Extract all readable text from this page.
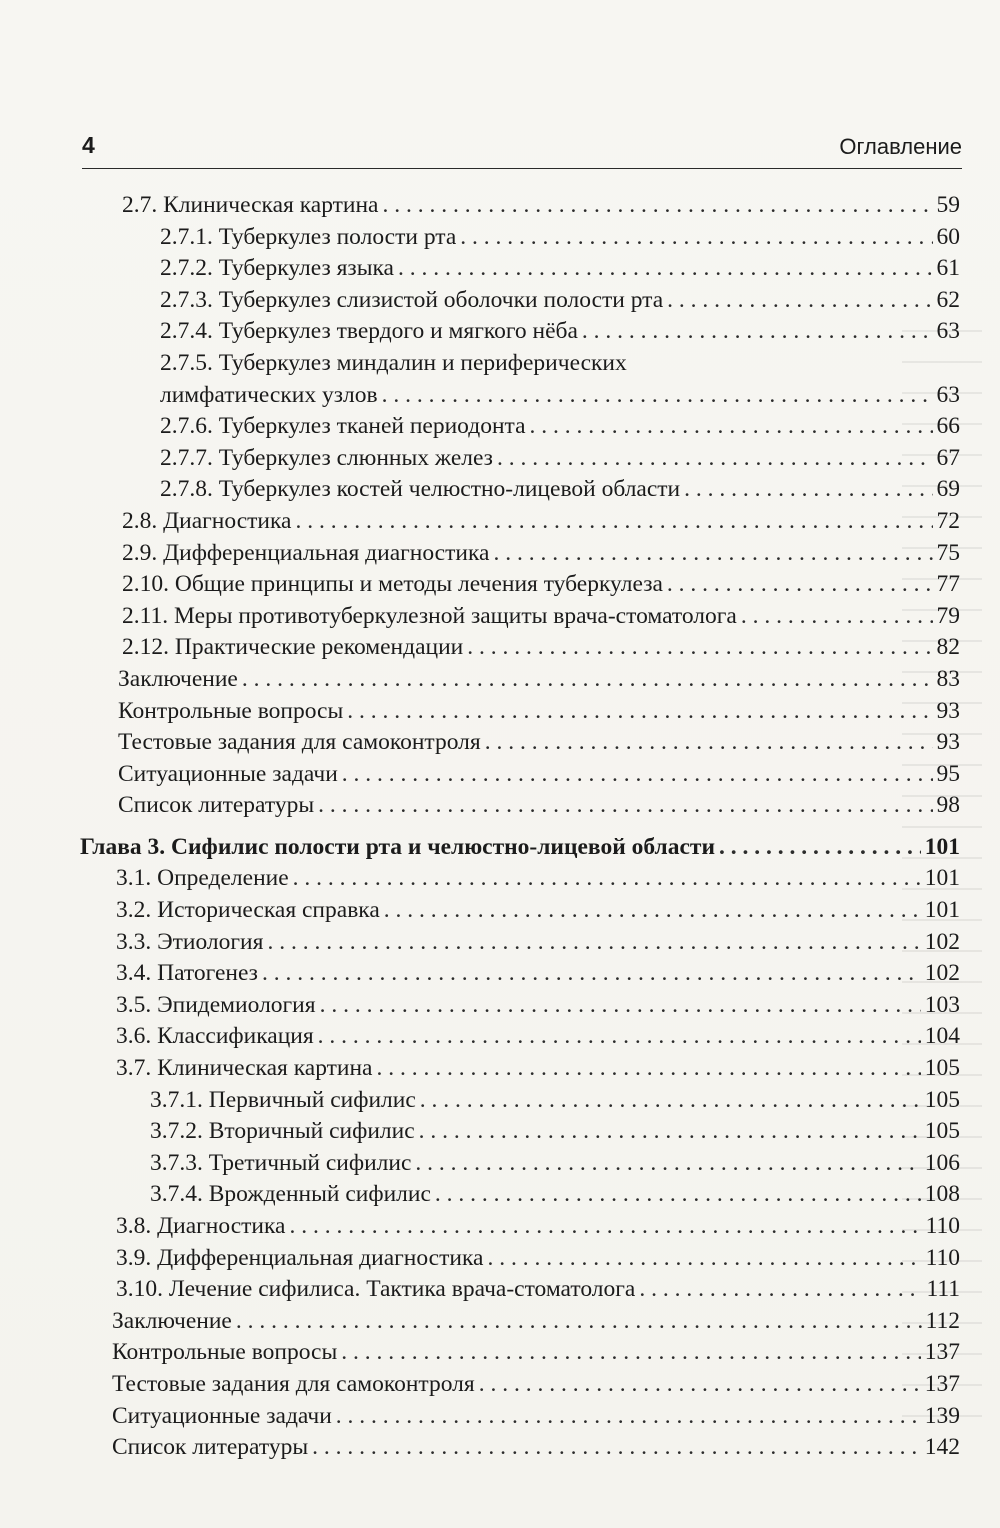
4	Оглавление
2.7. Клиническая картина . . .	59
2.7.1. Туберкулез полости рта . . .	60
2.7.2. Туберкулез языка . . .	61
2.7.3. Туберкулез слизистой оболочки полости рта . . .	62
2.7.4. Туберкулез твердого и мягкого нёба . . .	63
2.7.5. Туберкулез миндалин и периферических
лимфатических узлов . . .	63
2.7.6. Туберкулез тканей периодонта . . .	66
2.7.7. Туберкулез слюнных желез . . .	67
2.7.8. Туберкулез костей челюстно-лицевой области . . .	69
2.8. Диагностика . . .	72
2.9. Дифференциальная диагностика . . .	75
2.10. Общие принципы и методы лечения туберкулеза . . .	77
2.11. Меры противотуберкулезной защиты врача-стоматолога . . .	79
2.12. Практические рекомендации . . .	82
Заключение . . .	83
Контрольные вопросы . . .	93
Тестовые задания для самоконтроля . . .	93
Ситуационные задачи . . .	95
Список литературы . . .	98
Глава 3. Сифилис полости рта и челюстно-лицевой области . . .	101
3.1. Определение . . .	101
3.2. Историческая справка . . .	101
3.3. Этиология . . .	102
3.4. Патогенез . . .	102
3.5. Эпидемиология . . .	103
3.6. Классификация . . .	104
3.7. Клиническая картина . . .	105
3.7.1. Первичный сифилис . . .	105
3.7.2. Вторичный сифилис . . .	105
3.7.3. Третичный сифилис . . .	106
3.7.4. Врожденный сифилис . . .	108
3.8. Диагностика . . .	110
3.9. Дифференциальная диагностика . . .	110
3.10. Лечение сифилиса. Тактика врача-стоматолога . . .	111
Заключение . . .	112
Контрольные вопросы . . .	137
Тестовые задания для самоконтроля . . .	137
Ситуационные задачи . . .	139
Список литературы . . .	142
